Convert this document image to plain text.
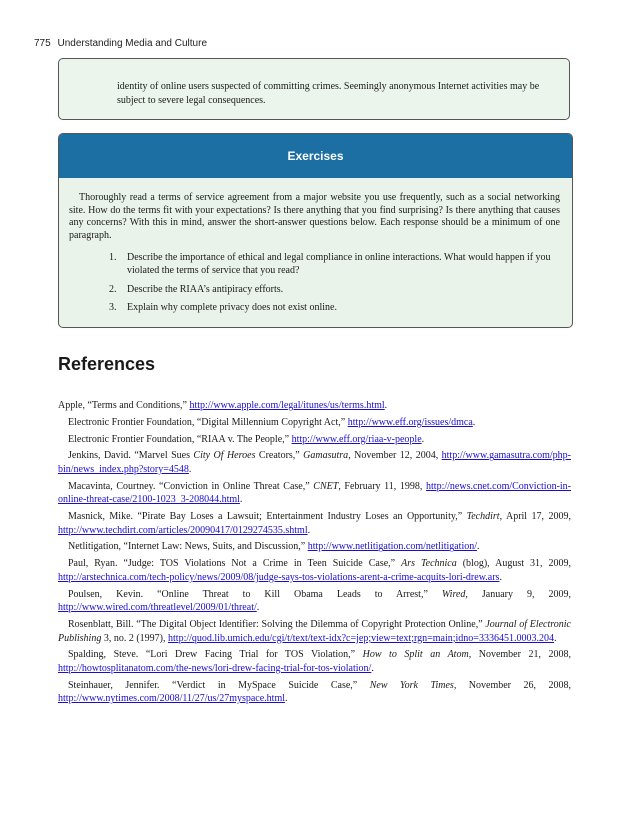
775 Understanding Media and Culture
identity of online users suspected of committing crimes. Seemingly anonymous Internet activities may be subject to severe legal consequences.
Exercises

Thoroughly read a terms of service agreement from a major website you use frequently, such as a social networking site. How do the terms fit with your expectations? Is there anything that you find surprising? Is there anything that causes any concerns? With this in mind, answer the short-answer questions below. Each response should be a minimum of one paragraph.

1. Describe the importance of ethical and legal compliance in online interactions. What would happen if you violated the terms of service that you read?
2. Describe the RIAA’s antipiracy efforts.
3. Explain why complete privacy does not exist online.
References

Apple, “Terms and Conditions,” http://www.apple.com/legal/itunes/us/terms.html.

Electronic Frontier Foundation, “Digital Millennium Copyright Act,” http://www.eff.org/issues/dmca.

Electronic Frontier Foundation, “RIAA v. The People,” http://www.eff.org/riaa-v-people.

Jenkins, David. “Marvel Sues City Of Heroes Creators,” Gamasutra, November 12, 2004, http://www.gamasutra.com/php-bin/news_index.php?story=4548.

Macavinta, Courtney. “Conviction in Online Threat Case,” CNET, February 11, 1998, http://news.cnet.com/Conviction-in-online-threat-case/2100-1023_3-208044.html.

Masnick, Mike. “Pirate Bay Loses a Lawsuit; Entertainment Industry Loses an Opportunity,” Techdirt, April 17, 2009, http://www.techdirt.com/articles/20090417/0129274535.shtml.

Netlitigation, “Internet Law: News, Suits, and Discussion,” http://www.netlitigation.com/netlitigation/.

Paul, Ryan. “Judge: TOS Violations Not a Crime in Teen Suicide Case,” Ars Technica (blog), August 31, 2009, http://arstechnica.com/tech-policy/news/2009/08/judge-says-tos-violations-arent-a-crime-acquits-lori-drew.ars.

Poulsen, Kevin. “Online Threat to Kill Obama Leads to Arrest,” Wired, January 9, 2009, http://www.wired.com/threatlevel/2009/01/threat/.

Rosenblatt, Bill. “The Digital Object Identifier: Solving the Dilemma of Copyright Protection Online,” Journal of Electronic Publishing 3, no. 2 (1997), http://quod.lib.umich.edu/cgi/t/text/text-idx?c=jep;view=text;rgn=main;idno=3336451.0003.204.

Spalding, Steve. “Lori Drew Facing Trial for TOS Violation,” How to Split an Atom, November 21, 2008, http://howtosplitanatom.com/the-news/lori-drew-facing-trial-for-tos-violation/.

Steinhauer, Jennifer. “Verdict in MySpace Suicide Case,” New York Times, November 26, 2008, http://www.nytimes.com/2008/11/27/us/27myspace.html.
